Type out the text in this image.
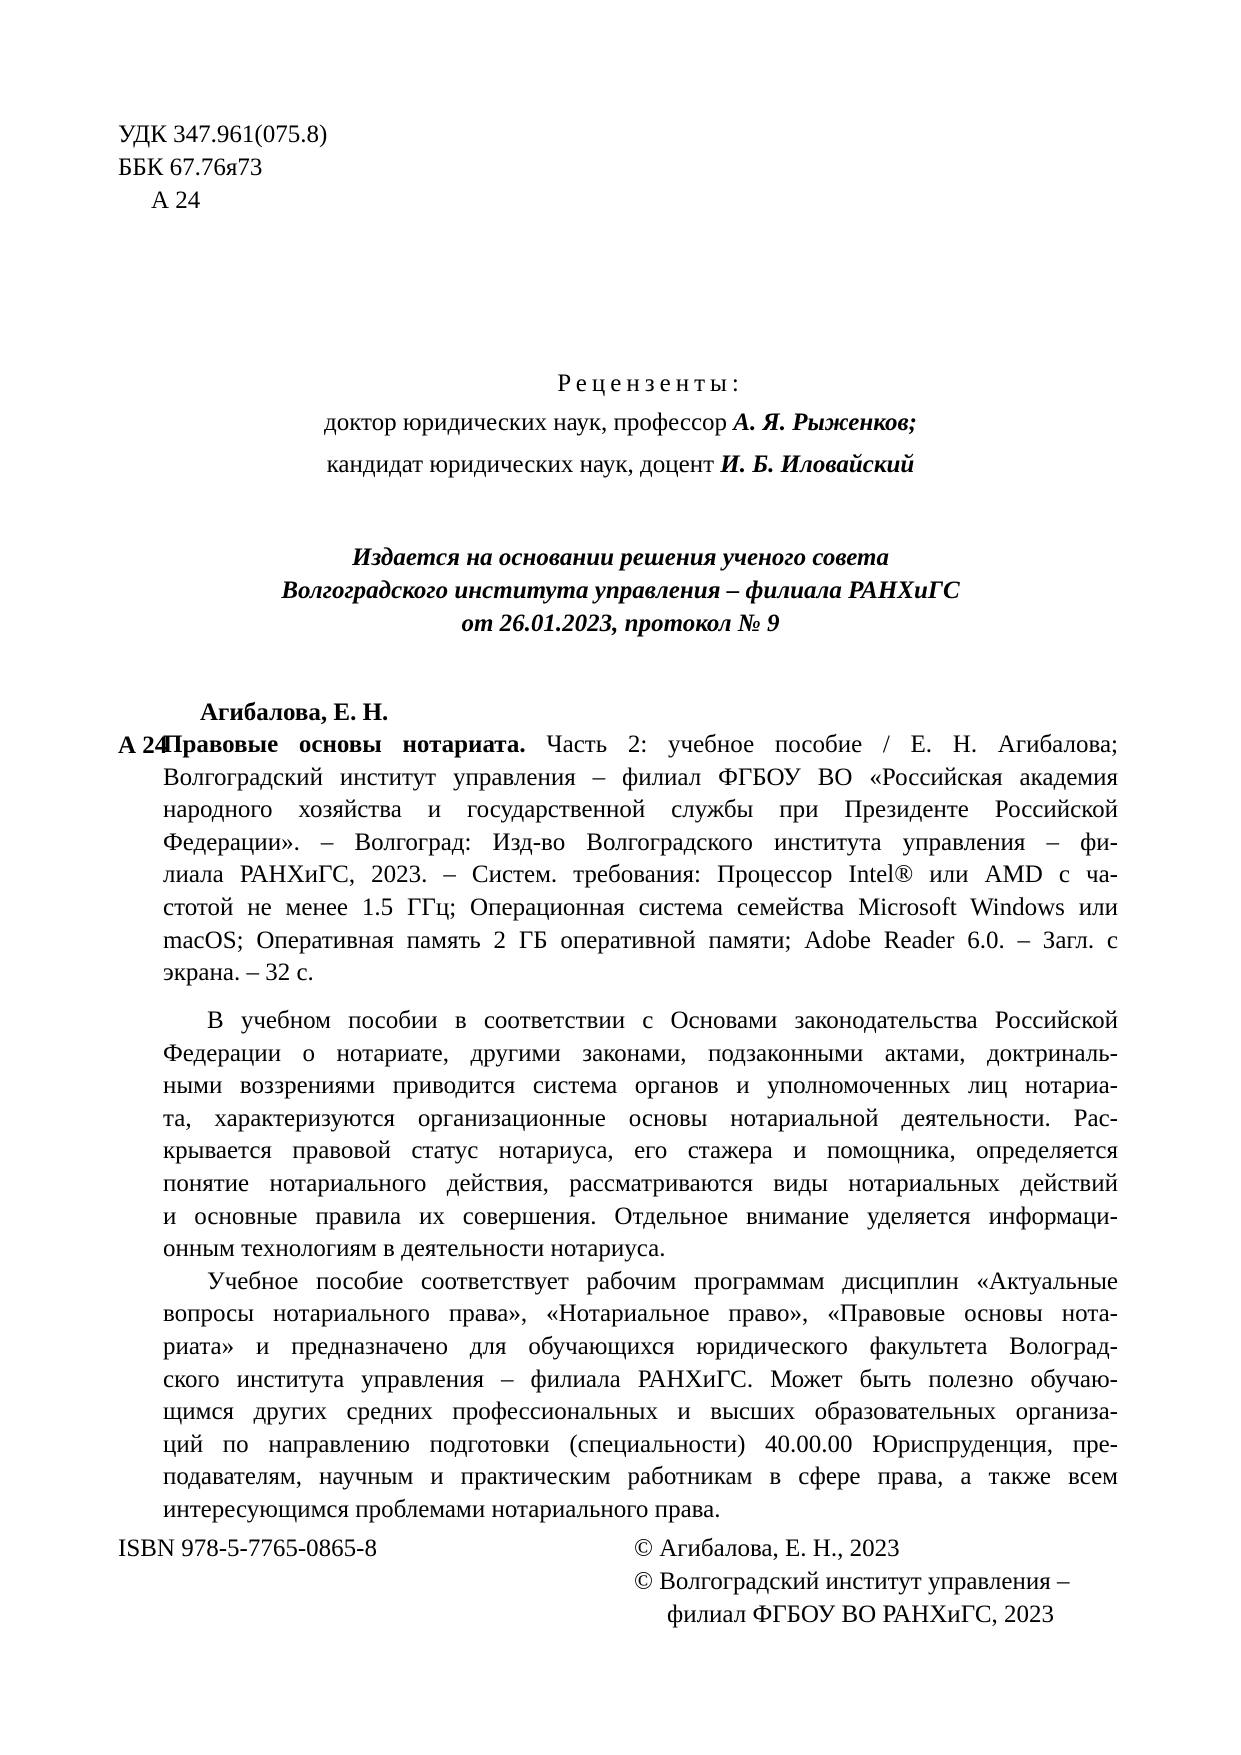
УДК 347.961(075.8)
ББК 67.76я73
А 24
Рецензенты:
доктор юридических наук, профессор А. Я. Рыженков;
кандидат юридических наук, доцент И. Б. Иловайский
Издается на основании решения ученого совета
Волгоградского института управления – филиала РАНХиГС
от 26.01.2023, протокол № 9
Агибалова, Е. Н.
А 24
Правовые основы нотариата. Часть 2: учебное пособие / Е. Н. Агибалова;
Волгоградский институт управления – филиал ФГБОУ ВО «Российская академия
народного хозяйства и государственной службы при Президенте Российской
Федерации». – Волгоград: Изд-во Волгоградского института управления – фи-
лиала РАНХиГС, 2023. – Систем. требования: Процессор Intel® или AMD с ча-
стотой не менее 1.5 ГГц; Операционная система семейства Microsoft Windows или
macOS; Оперативная память 2 ГБ оперативной памяти; Adobe Reader 6.0. – Загл. с
экрана. – 32 с.
В учебном пособии в соответствии с Основами законодательства Российской
Федерации о нотариате, другими законами, подзаконными актами, доктриналь-
ными воззрениями приводится система органов и уполномоченных лиц нотариа-
та, характеризуются организационные основы нотариальной деятельности. Рас-
крывается правовой статус нотариуса, его стажера и помощника, определяется
понятие нотариального действия, рассматриваются виды нотариальных действий
и основные правила их совершения. Отдельное внимание уделяется информаци-
онным технологиям в деятельности нотариуса.
Учебное пособие соответствует рабочим программам дисциплин «Актуальные
вопросы нотариального права», «Нотариальное право», «Правовые основы нота-
риата» и предназначено для обучающихся юридического факультета Волоград-
ского института управления – филиала РАНХиГС. Может быть полезно обучаю-
щимся других средних профессиональных и высших образовательных организа-
ций по направлению подготовки (специальности) 40.00.00 Юриспруденция, пре-
подавателям, научным и практическим работникам в сфере права, а также всем
интересующимся проблемами нотариального права.
ISBN 978-5-7765-0865-8	© Агибалова, Е. Н., 2023
© Волгоградский институт управления –
филиал ФГБОУ ВО РАНХиГС, 2023
